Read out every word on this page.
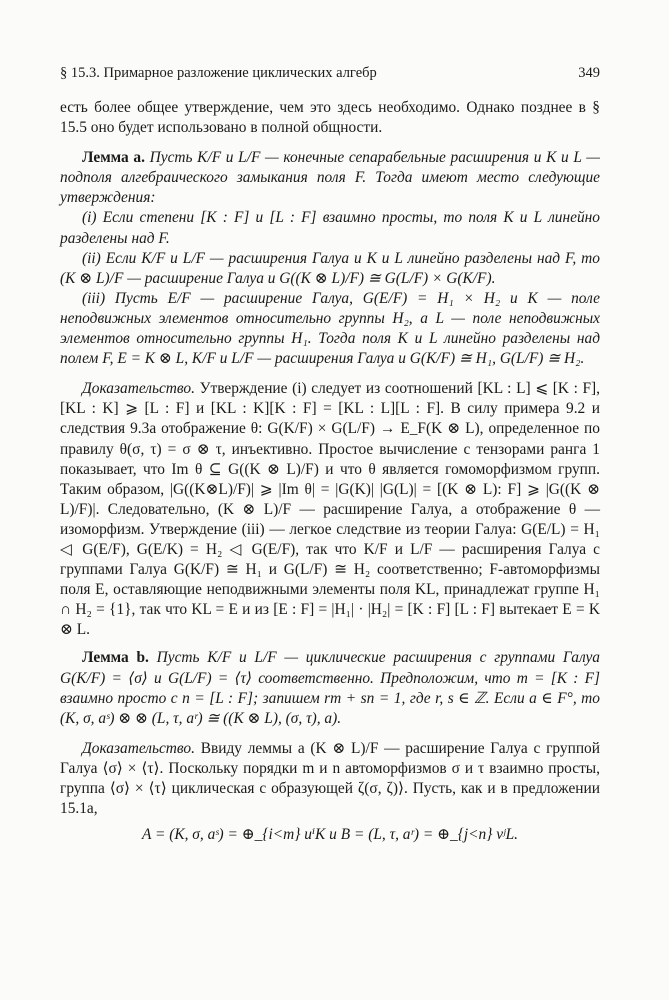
§ 15.3. Примарное разложение циклических алгебр	349

есть более общее утверждение, чем это здесь необходимо. Однако позднее в § 15.5 оно будет использовано в полной общности.

Лемма a. Пусть K/F и L/F — конечные сепарабельные расширения и K и L — подполя алгебраического замыкания поля F. Тогда имеют место следующие утверждения:

(i) Если степени [K : F] и [L : F] взаимно просты, то поля K и L линейно разделены над F.

(ii) Если K/F и L/F — расширения Галуа и K и L линейно разделены над F, то (K ⊗ L)/F — расширение Галуа и G((K ⊗ L)/F) ≅ G(L/F) × G(K/F).

(iii) Пусть E/F — расширение Галуа, G(E/F) = H₁ × H₂ и K — поле неподвижных элементов относительно группы H₂, а L — поле неподвижных элементов относительно группы H₁. Тогда поля K и L линейно разделены над полем F, E = K ⊗ L, K/F и L/F — расширения Галуа и G(K/F) ≅ H₁, G(L/F) ≅ H₂.

Доказательство. Утверждение (i) следует из соотношений [KL : L] ⩽ [K : F], [KL : K] ⩾ [L : F] и [KL : K][K : F] = [KL : L][L : F]. В силу примера 9.2 и следствия 9.3а отображение θ: G(K/F) × G(L/F) → E_F(K ⊗ L), определенное по правилу θ(σ, τ) = σ ⊗ τ, инъективно. Простое вычисление с тензорами ранга 1 показывает, что Im θ ⊆ G((K ⊗ L)/F) и что θ является гомоморфизмом групп. Таким образом, |G((K⊗L)/F)| ⩾ |Im θ| = |G(K)| |G(L)| = [(K ⊗ L): F] ⩾ |G((K ⊗ L)/F)|. Следовательно, (K ⊗ L)/F — расширение Галуа, а отображение θ — изоморфизм. Утверждение (iii) — легкое следствие из теории Галуа: G(E/L) = H₁ ◁ G(E/F), G(E/K) = H₂ ◁ G(E/F), так что K/F и L/F — расширения Галуа с группами Галуа G(K/F) ≅ H₁ и G(L/F) ≅ H₂ соответственно; F-автоморфизмы поля E, оставляющие неподвижными элементы поля KL, принадлежат группе H₁ ∩ H₂ = {1}, так что KL = E и из [E : F] = |H₁| · |H₂| = [K : F] [L : F] вытекает E = K ⊗ L.

Лемма b. Пусть K/F и L/F — циклические расширения с группами Галуа G(K/F) = ⟨σ⟩ и G(L/F) = ⟨τ⟩ соответственно. Предположим, что m = [K : F] взаимно просто с n = [L : F]; запишем rm + sn = 1, где r, s ∈ ℤ. Если a ∈ F°, то (K, σ, aˢ) ⊗ ⊗ (L, τ, aʳ) ≅ ((K ⊗ L), (σ, τ), a).

Доказательство. Ввиду леммы a (K ⊗ L)/F — расширение Галуа с группой Галуа ⟨σ⟩ × ⟨τ⟩. Поскольку порядки m и n автоморфизмов σ и τ взаимно просты, группа ⟨σ⟩ × ⟨τ⟩ циклическая с образующей ζ(σ, ζ)⟩. Пусть, как и в предложении 15.1а,

A = (K, σ, aˢ) = ⊕_{i<m} uⁱK и B = (L, τ, aʳ) = ⊕_{j<n} vʲL.
